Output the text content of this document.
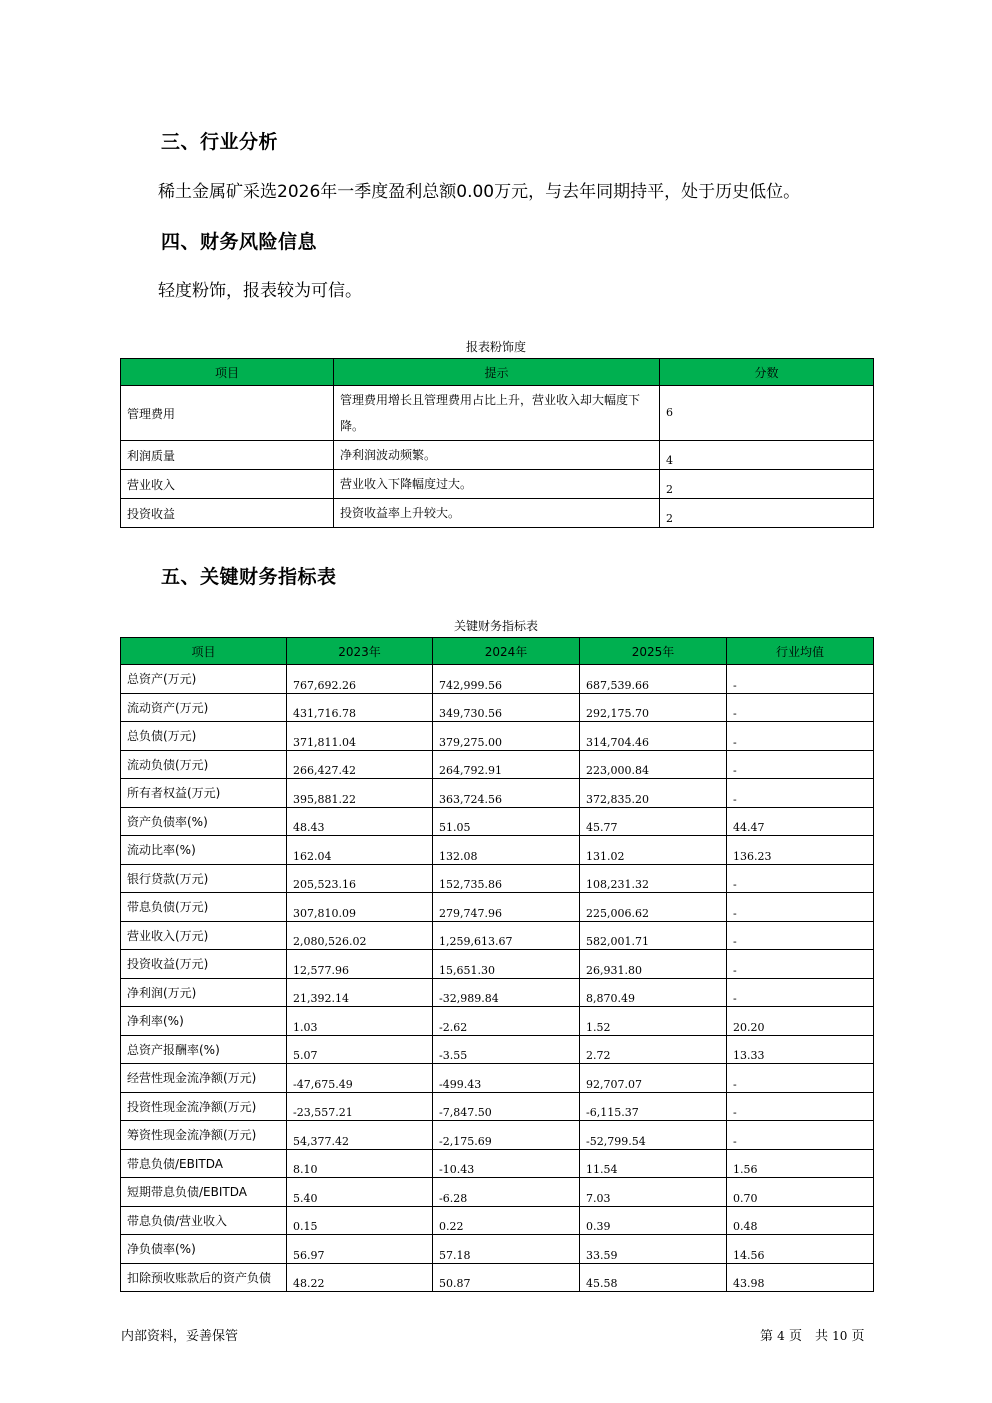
三、行业分析

稀土金属矿采选2026年一季度盈利总额0.00万元，与去年同期持平，处于历史低位。

四、财务风险信息

轻度粉饰，报表较为可信。

报表粉饰度
项目	提示	分数
管理费用	管理费用增长且管理费用占比上升，营业收入却大幅度下降。	6
利润质量	净利润波动频繁。	4
营业收入	营业收入下降幅度过大。	2
投资收益	投资收益率上升较大。	2
五、关键财务指标表
关键财务指标表
项目	2023年	2024年	2025年	行业均值
总资产(万元)	767,692.26	742,999.56	687,539.66	-
流动资产(万元)	431,716.78	349,730.56	292,175.70	-
总负债(万元)	371,811.04	379,275.00	314,704.46	-
流动负债(万元)	266,427.42	264,792.91	223,000.84	-
所有者权益(万元)	395,881.22	363,724.56	372,835.20	-
资产负债率(%)	48.43	51.05	45.77	44.47
流动比率(%)	162.04	132.08	131.02	136.23
银行贷款(万元)	205,523.16	152,735.86	108,231.32	-
带息负债(万元)	307,810.09	279,747.96	225,006.62	-
营业收入(万元)	2,080,526.02	1,259,613.67	582,001.71	-
投资收益(万元)	12,577.96	15,651.30	26,931.80	-
净利润(万元)	21,392.14	-32,989.84	8,870.49	-
净利率(%)	1.03	-2.62	1.52	20.20
总资产报酬率(%)	5.07	-3.55	2.72	13.33
经营性现金流净额(万元)	-47,675.49	-499.43	92,707.07	-
投资性现金流净额(万元)	-23,557.21	-7,847.50	-6,115.37	-
筹资性现金流净额(万元)	54,377.42	-2,175.69	-52,799.54	-
带息负债/EBITDA	8.10	-10.43	11.54	1.56
短期带息负债/EBITDA	5.40	-6.28	7.03	0.70
带息负债/营业收入	0.15	0.22	0.39	0.48
净负债率(%)	56.97	57.18	33.59	14.56
扣除预收账款后的资产负债	48.22	50.87	45.58	43.98
内部资料，妥善保管	第 4 页　共 10 页
